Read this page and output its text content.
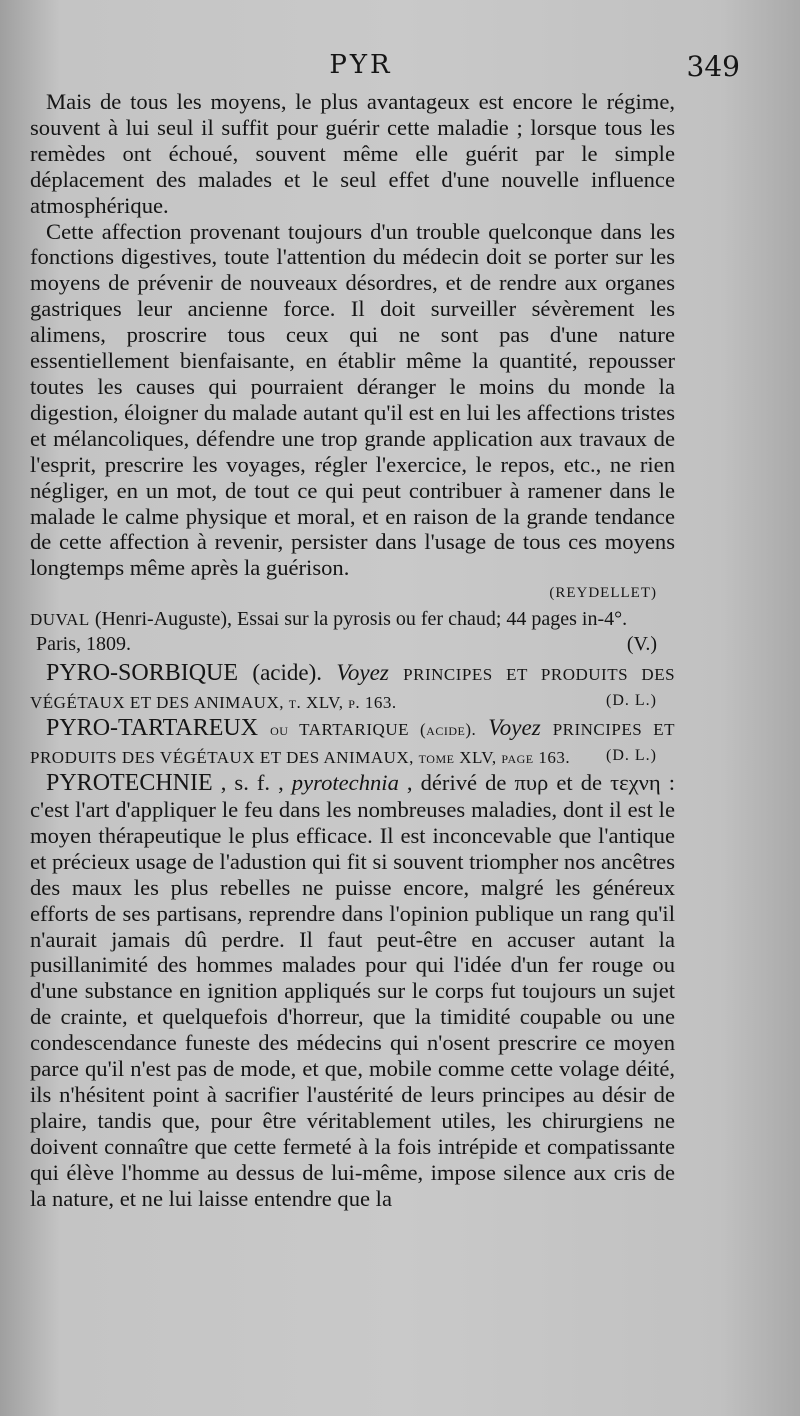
PYR	349

Mais de tous les moyens, le plus avantageux est encore le régime, souvent à lui seul il suffit pour guérir cette maladie ; lorsque tous les remèdes ont échoué, souvent même elle guérit par le simple déplacement des malades et le seul effet d'une nouvelle influence atmosphérique.

Cette affection provenant toujours d'un trouble quelconque dans les fonctions digestives, toute l'attention du médecin doit se porter sur les moyens de prévenir de nouveaux désordres, et de rendre aux organes gastriques leur ancienne force. Il doit surveiller sévèrement les alimens, proscrire tous ceux qui ne sont pas d'une nature essentiellement bienfaisante, en établir même la quantité, repousser toutes les causes qui pourraient déranger le moins du monde la digestion, éloigner du malade autant qu'il est en lui les affections tristes et mélancoliques, défendre une trop grande application aux travaux de l'esprit, prescrire les voyages, régler l'exercice, le repos, etc., ne rien négliger, en un mot, de tout ce qui peut contribuer à ramener dans le malade le calme physique et moral, et en raison de la grande tendance de cette affection à revenir, persister dans l'usage de tous ces moyens longtemps même après la guérison.

(REYDELLET)
DUVAL (Henri-Auguste), Essai sur la pyrosis ou fer chaud; 44 pages in-4°.
Paris, 1809.	(V.)
PYRO-SORBIQUE (acide). Voyez PRINCIPES ET PRODUITS DES VÉGÉTAUX ET DES ANIMAUX, t. XLV, p. 163.	(D. L.)
PYRO-TARTAREUX ou TARTARIQUE (acide). Voyez PRINCIPES ET PRODUITS DES VÉGÉTAUX ET DES ANIMAUX, tome XLV, page 163.	(D. L.)

PYROTECHNIE , s. f. , pyrotechnia , dérivé de πυρ et de τεχνη : c'est l'art d'appliquer le feu dans les nombreuses maladies, dont il est le moyen thérapeutique le plus efficace. Il est inconcevable que l'antique et précieux usage de l'adustion qui fit si souvent triompher nos ancêtres des maux les plus rebelles ne puisse encore, malgré les généreux efforts de ses partisans, reprendre dans l'opinion publique un rang qu'il n'aurait jamais dû perdre. Il faut peut-être en accuser autant la pusillanimité des hommes malades pour qui l'idée d'un fer rouge ou d'une substance en ignition appliqués sur le corps fut toujours un sujet de crainte, et quelquefois d'horreur, que la timidité coupable ou une condescendance funeste des médecins qui n'osent prescrire ce moyen parce qu'il n'est pas de mode, et que, mobile comme cette volage déité, ils n'hésitent point à sacrifier l'austérité de leurs principes au désir de plaire, tandis que, pour être véritablement utiles, les chirurgiens ne doivent connaître que cette fermeté à la fois intrépide et compatissante qui élève l'homme au dessus de lui-même, impose silence aux cris de la nature, et ne lui laisse entendre que la
